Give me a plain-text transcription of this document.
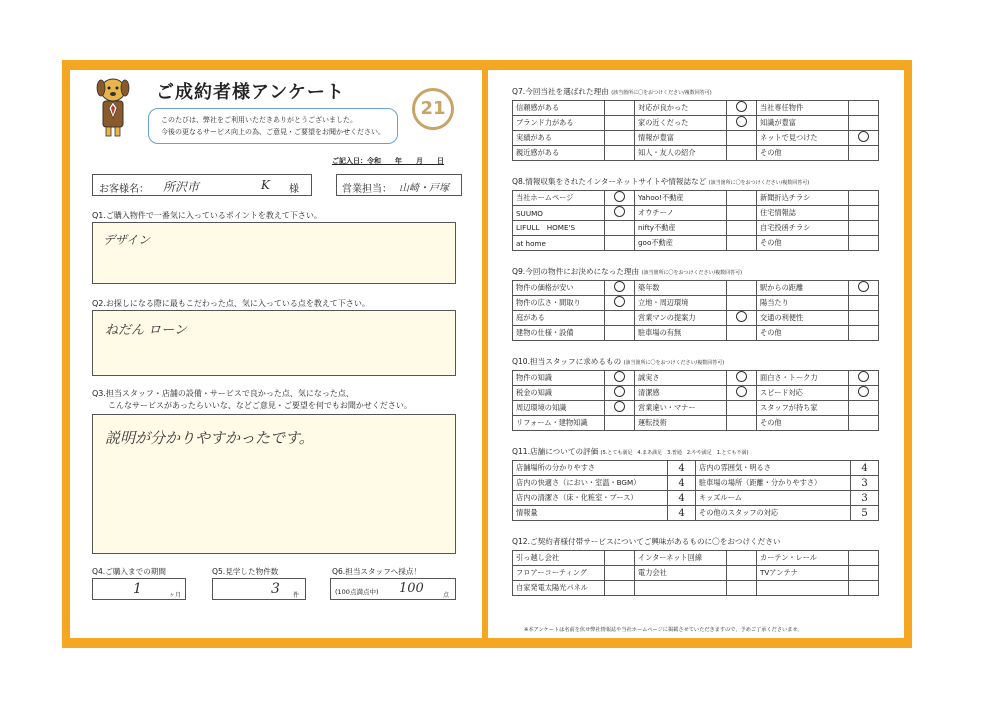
ご成約者様アンケート
このたびは、弊社をご利用いただきありがとうございました。
今後の更なるサービス向上の為、ご意見・ご要望をお聞かせください。
21
ご記入日：令和　　年　　月　　日
お客様名： 所沢市	K 様	営業担当： 山崎・戸塚
Q1.ご購入物件で一番気に入っているポイントを教えて下さい。
デザイン
Q2.お探しになる際に最もこだわった点、気に入っている点を教えて下さい。
ねだん ローン
Q3.担当スタッフ・店舗の設備・サービスで良かった点、気になった点、
こんなサービスがあったらいいな、などご意見・ご要望を何でもお聞かせください。
説明が分かりやすかったです。
Q4.ご購入までの期間
1	ヶ月
Q5.見学した物件数
3 件
Q6.担当スタッフへ採点！
(100点満点中) 100	点
Q7.今回当社を選ばれた理由 (該当箇所に〇をおつけください/複数回答可)
信頼感がある		対応が良かった		当社専任物件	
ブランド力がある		家の近くだった		知識が豊富	
実績がある		情報が豊富		ネットで見つけた	
親近感がある		知人・友人の紹介		その他	
Q8.情報収集をされたインターネットサイトや情報誌など (該当箇所に〇をおつけください/複数回答可)
当社ホームページ		Yahoo!不動産		新聞折込チラシ	
SUUMO		オウチーノ		住宅情報誌	
LIFULL　HOME'S		nifty不動産		自宅投函チラシ	
at home		goo不動産		その他	
Q9.今回の物件にお決めになった理由 (該当箇所に〇をおつけください/複数回答可)
物件の価格が安い		築年数		駅からの距離	
物件の広さ・間取り		立地・周辺環境		陽当たり	
庭がある		営業マンの提案力		交通の利便性	
建物の仕様・設備		駐車場の有無		その他	
Q10.担当スタッフに求めるもの (該当箇所に〇をおつけください/複数回答可)
物件の知識		誠実さ		面白さ・トーク力	
税金の知識		清潔感		スピード対応	
周辺環境の知識		営業違い・マナー		スタッフが持ち家	
リフォーム・建物知識		運転技術		その他	
Q11.店舗についての評価 (5.とても満足　4.まあ満足　3.普通　2.やや満足　1.とても不満)
店舗場所の分かりやすさ	4	店内の雰囲気・明るさ	4
店内の快適さ（におい・室温・BGM）	4	駐車場の場所（距離・分かりやすさ）	3
店内の清潔さ（床・化粧室・ブース）	4	キッズルーム	3
情報量	4	その他のスタッフの対応	5
Q12.ご契約者様付帯サービスについてご興味があるものに〇をおつけください
引っ越し会社		インターネット回線		カーテン・レール	
フロアーコーティング		電力会社		TVアンテナ	
自家発電太陽光パネル					
※本アンケートは名前を伏せ弊社情報誌や当社ホームページに掲載させていただきますので、予めご了承くださいませ。
